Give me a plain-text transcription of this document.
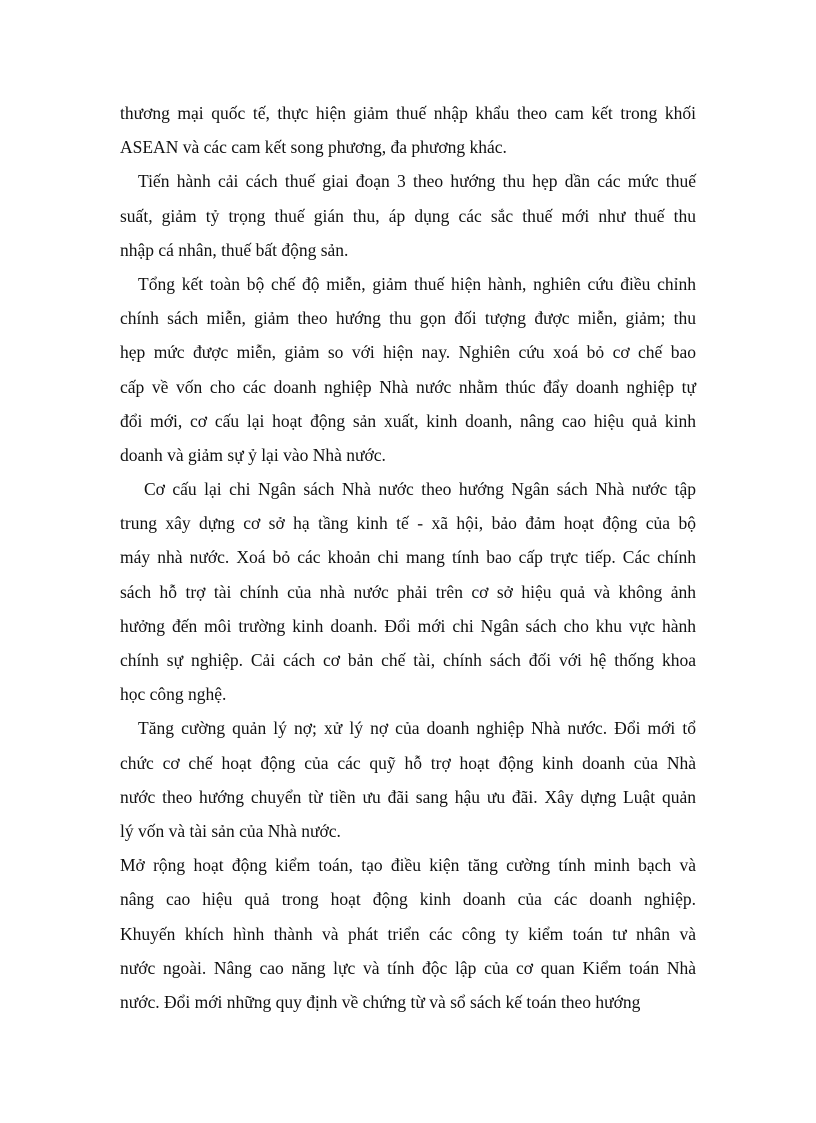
thương mại quốc tế, thực hiện giảm thuế nhập khẩu theo cam kết trong khối
ASEAN và các cam kết song phương, đa phương khác.
Tiến hành cải cách thuế giai đoạn 3 theo hướng thu hẹp dần các mức thuế
suất, giảm tỷ trọng thuế gián thu, áp dụng các sắc thuế mới như thuế thu
nhập cá nhân, thuế bất động sản.
Tổng kết toàn bộ chế độ miễn, giảm thuế hiện hành, nghiên cứu điều chỉnh
chính sách miễn, giảm theo hướng thu gọn đối tượng được miễn, giảm; thu
hẹp mức được miễn, giảm so với hiện nay. Nghiên cứu xoá bỏ cơ chế bao
cấp về vốn cho các doanh nghiệp Nhà nước nhằm thúc đẩy doanh nghiệp tự
đổi mới, cơ cấu lại hoạt động sản xuất, kinh doanh, nâng cao hiệu quả kinh
doanh và giảm sự ỷ lại vào Nhà nước.
Cơ cấu lại chi Ngân sách Nhà nước theo hướng Ngân sách Nhà nước tập
trung xây dựng cơ sở hạ tầng kinh tế - xã hội, bảo đảm hoạt động của bộ
máy nhà nước. Xoá bỏ các khoản chi mang tính bao cấp trực tiếp. Các chính
sách hỗ trợ tài chính của nhà nước phải trên cơ sở hiệu quả và không ảnh
hưởng đến môi trường kinh doanh. Đổi mới chi Ngân sách cho khu vực hành
chính sự nghiệp. Cải cách cơ bản chế tài, chính sách đối với hệ thống khoa
học công nghệ.
Tăng cường quản lý nợ; xử lý nợ của doanh nghiệp Nhà nước. Đổi mới tổ
chức cơ chế hoạt động của các quỹ hỗ trợ hoạt động kinh doanh của Nhà
nước theo hướng chuyển từ tiền ưu đãi sang hậu ưu đãi. Xây dựng Luật quản
lý vốn và tài sản của Nhà nước.
Mở rộng hoạt động kiểm toán, tạo điều kiện tăng cường tính minh bạch và
nâng cao hiệu quả trong hoạt động kinh doanh của các doanh nghiệp.
Khuyến khích hình thành và phát triển các công ty kiểm toán tư nhân và
nước ngoài. Nâng cao năng lực và tính độc lập của cơ quan Kiểm toán Nhà
nước. Đổi mới những quy định về chứng từ và sổ sách kế toán theo hướng
